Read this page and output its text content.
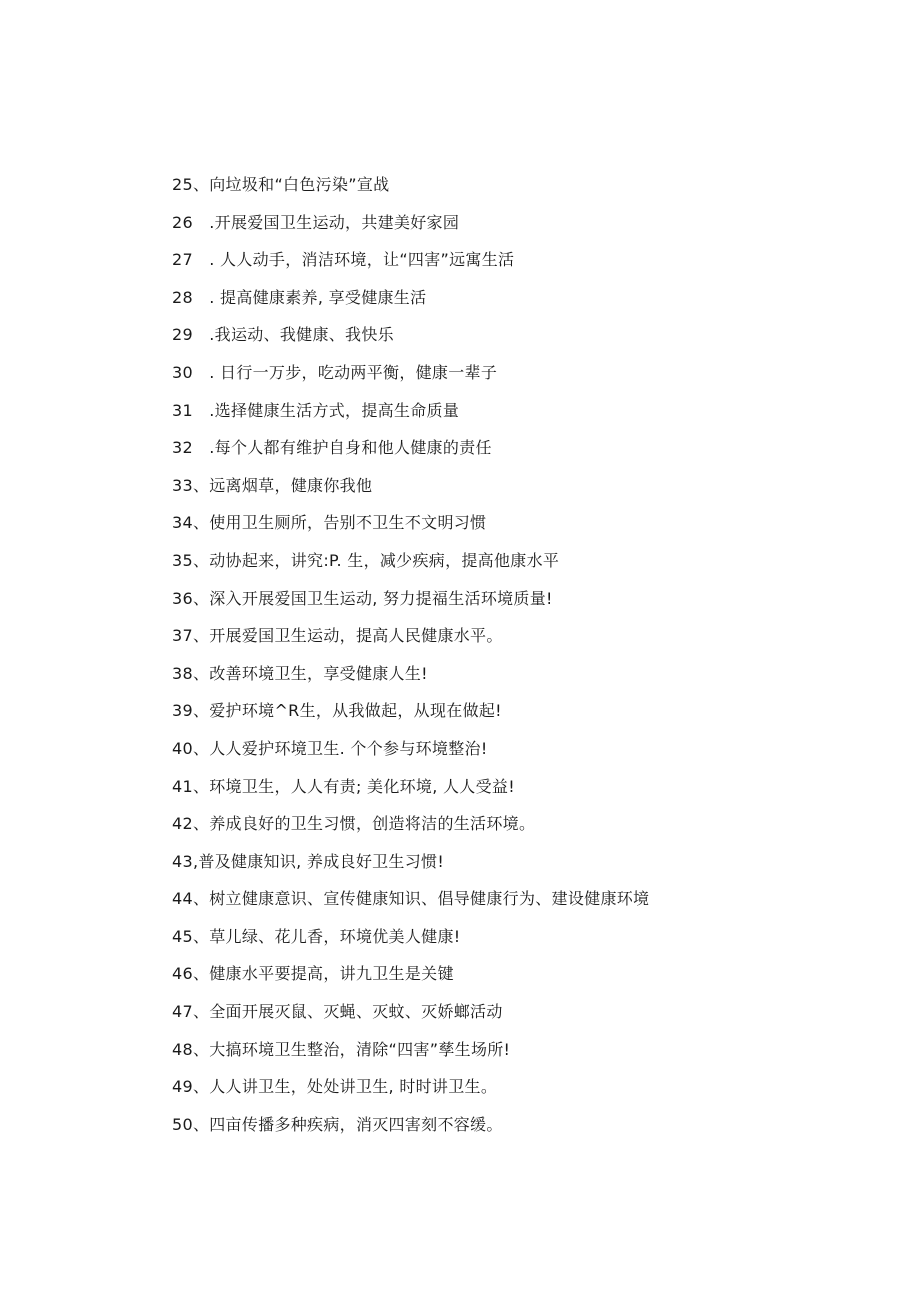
25、向垃圾和“白色污染”宣战
26　.开展爱国卫生运动，共建美好家园
27　. 人人动手，消洁环境，让“四害”远寓生活
28　. 提高健康素养, 享受健康生活
29　.我运动、我健康、我快乐
30　. 日行一万步，吃动两平衡，健康一辈子
31　.选择健康生活方式，提高生命质量
32　.每个人都有维护自身和他人健康的责任
33、远离烟草，健康你我他
34、使用卫生厕所，告别不卫生不文明习惯
35、动协起来，讲究:P. 生，减少疾病，提高他康水平
36、深入开展爱国卫生运动, 努力提福生活环境质量!
37、开展爱国卫生运动，提高人民健康水平。
38、改善环境卫生，享受健康人生!
39、爱护环境^R生，从我做起，从现在做起!
40、人人爱护环境卫生. 个个参与环境整治!
41、环境卫生，人人有责; 美化环境, 人人受益!
42、养成良好的卫生习惯，创造将洁的生活环境。
43,普及健康知识, 养成良好卫生习惯!
44、树立健康意识、宣传健康知识、倡导健康行为、建设健康环境
45、草儿绿、花儿香，环境优美人健康!
46、健康水平要提高，讲九卫生是关键
47、全面开展灭鼠、灭蝇、灭蚊、灭娇螂活动
48、大搞环境卫生整治，清除“四害”孳生场所!
49、人人讲卫生，处处讲卫生, 时时讲卫生。
50、四亩传播多种疾病，消灭四害刻不容缓。
